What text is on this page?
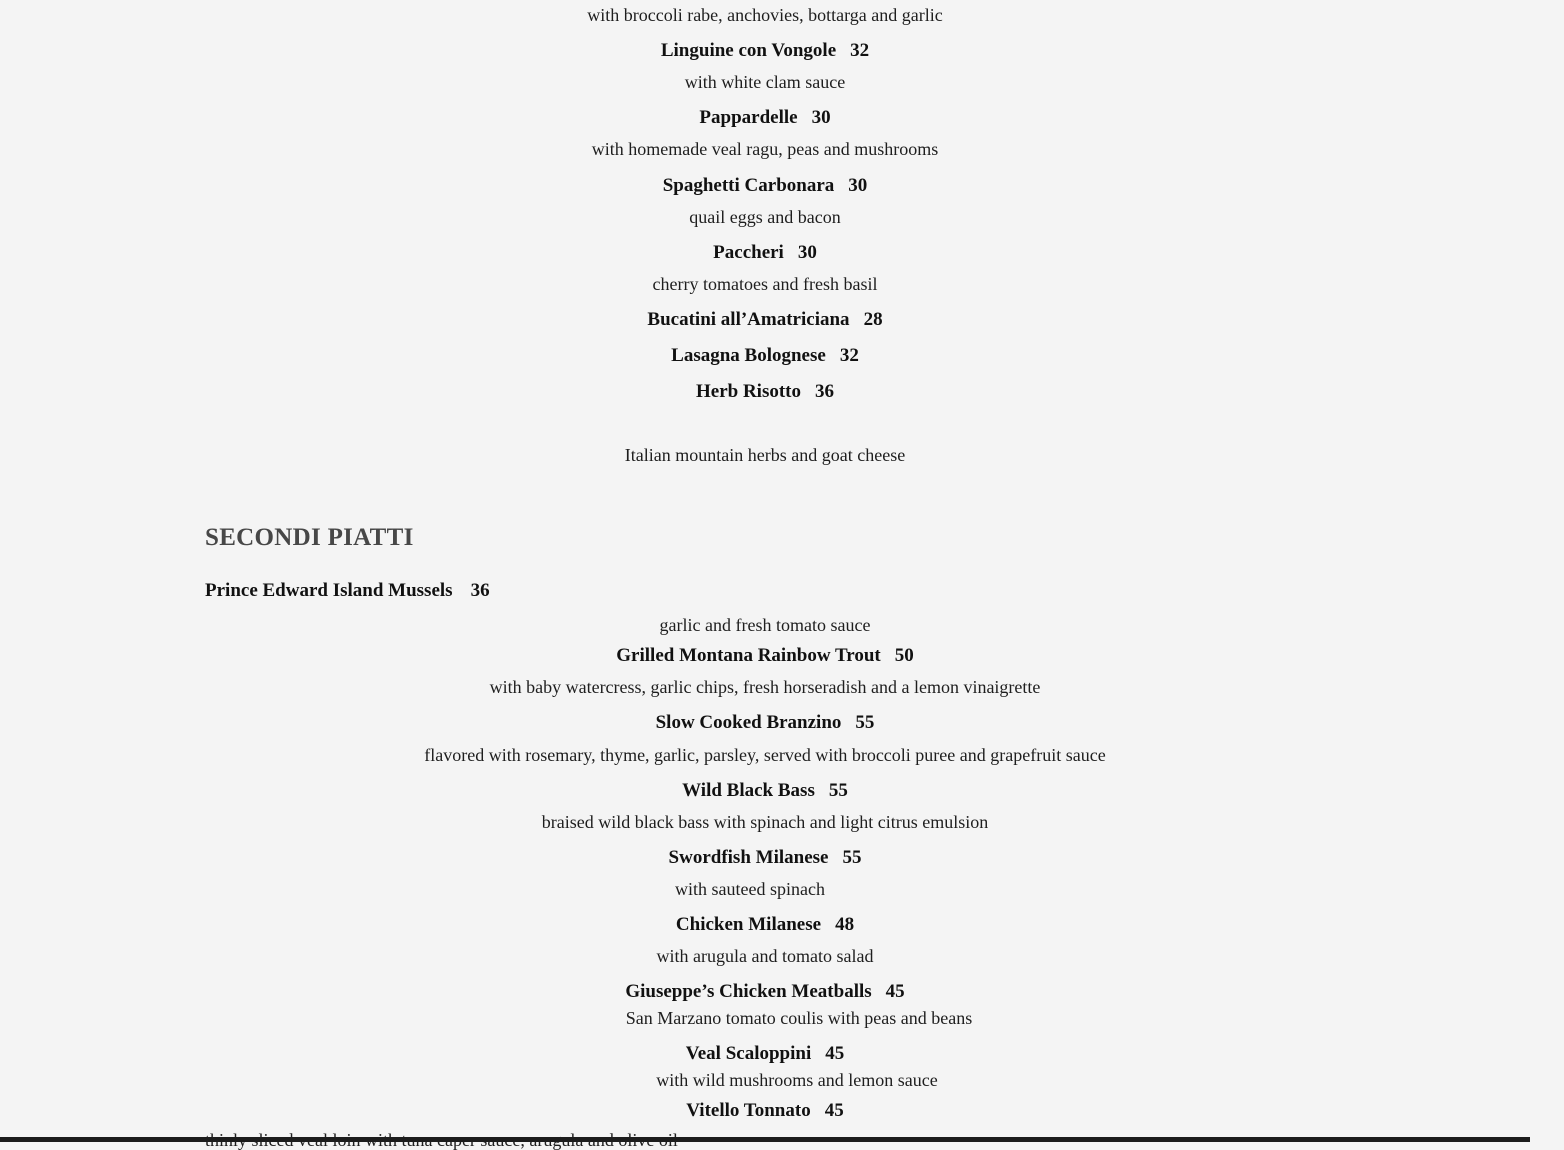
with broccoli rabe, anchovies, bottarga and garlic
Linguine con Vongole 32
with white clam sauce
Pappardelle 30
with homemade veal ragu, peas and mushrooms
Spaghetti Carbonara 30
quail eggs and bacon
Paccheri 30
cherry tomatoes and fresh basil
Bucatini all’Amatriciana 28
Lasagna Bolognese 32
Herb Risotto 36
Italian mountain herbs and goat cheese
SECONDI PIATTI
Prince Edward Island Mussels 36
garlic and fresh tomato sauce
Grilled Montana Rainbow Trout 50
with baby watercress, garlic chips, fresh horseradish and a lemon vinaigrette
Slow Cooked Branzino 55
flavored with rosemary, thyme, garlic, parsley, served with broccoli puree and grapefruit sauce
Wild Black Bass 55
braised wild black bass with spinach and light citrus emulsion
Swordfish Milanese 55
with sauteed spinach
Chicken Milanese 48
with arugula and tomato salad
Giuseppe’s Chicken Meatballs 45
San Marzano tomato coulis with peas and beans
Veal Scaloppini 45
with wild mushrooms and lemon sauce
Vitello Tonnato 45
